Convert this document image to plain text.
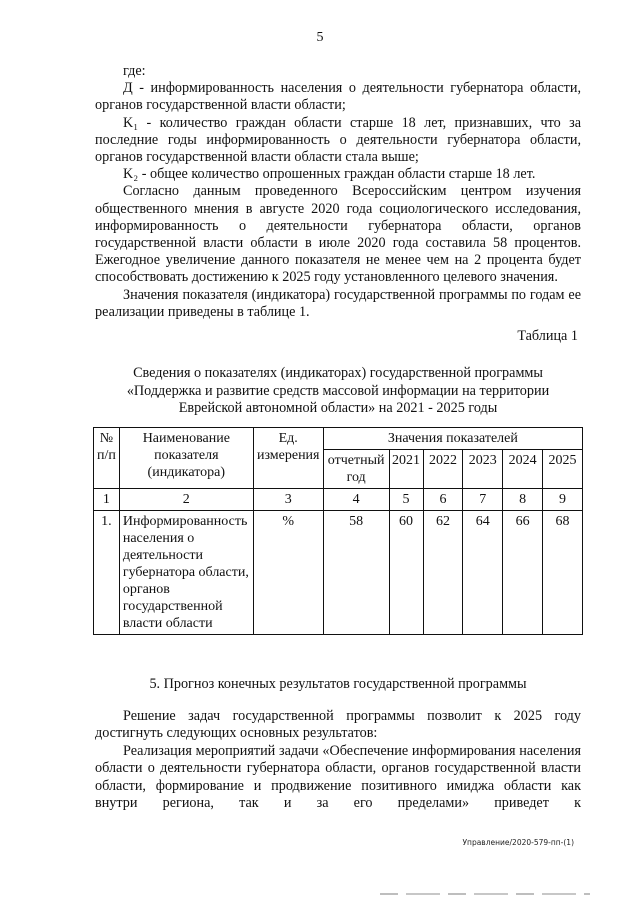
5

где:

Д - информированность населения о деятельности губернатора области, органов государственной власти области;

K₁ - количество граждан области старше 18 лет, признавших, что за последние годы информированность о деятельности губернатора области, органов государственной власти области стала выше;

K₂ - общее количество опрошенных граждан области старше 18 лет.

Согласно данным проведенного Всероссийским центром изучения общественного мнения в августе 2020 года социологического исследования, информированность о деятельности губернатора области, органов государственной власти области в июле 2020 года составила 58 процентов. Ежегодное увеличение данного показателя не менее чем на 2 процента будет способствовать достижению к 2025 году установленного целевого значения.

Значения показателя (индикатора) государственной программы по годам ее реализации приведены в таблице 1.

Таблица 1
Сведения о показателях (индикаторах) государственной программы «Поддержка и развитие средств массовой информации на территории Еврейской автономной области» на 2021 - 2025 годы
№ п/п	Наименование показателя (индикатора)	Ед. измерения	Значения показателей					
			отчетный год	2021	2022	2023	2024	2025
1	2	3	4	5	6	7	8	9
1.	Информированность населения о деятельности губернатора области, органов государственной власти области	%	58	60	62	64	66	68
5. Прогноз конечных результатов государственной программы

Решение задач государственной программы позволит к 2025 году достигнуть следующих основных результатов:

Реализация мероприятий задачи «Обеспечение информирования населения области о деятельности губернатора области, органов государственной власти области, формирование и продвижение позитивного имиджа области как внутри региона, так и за его пределами» приведет к

Управление/2020-579-пп-(1)
